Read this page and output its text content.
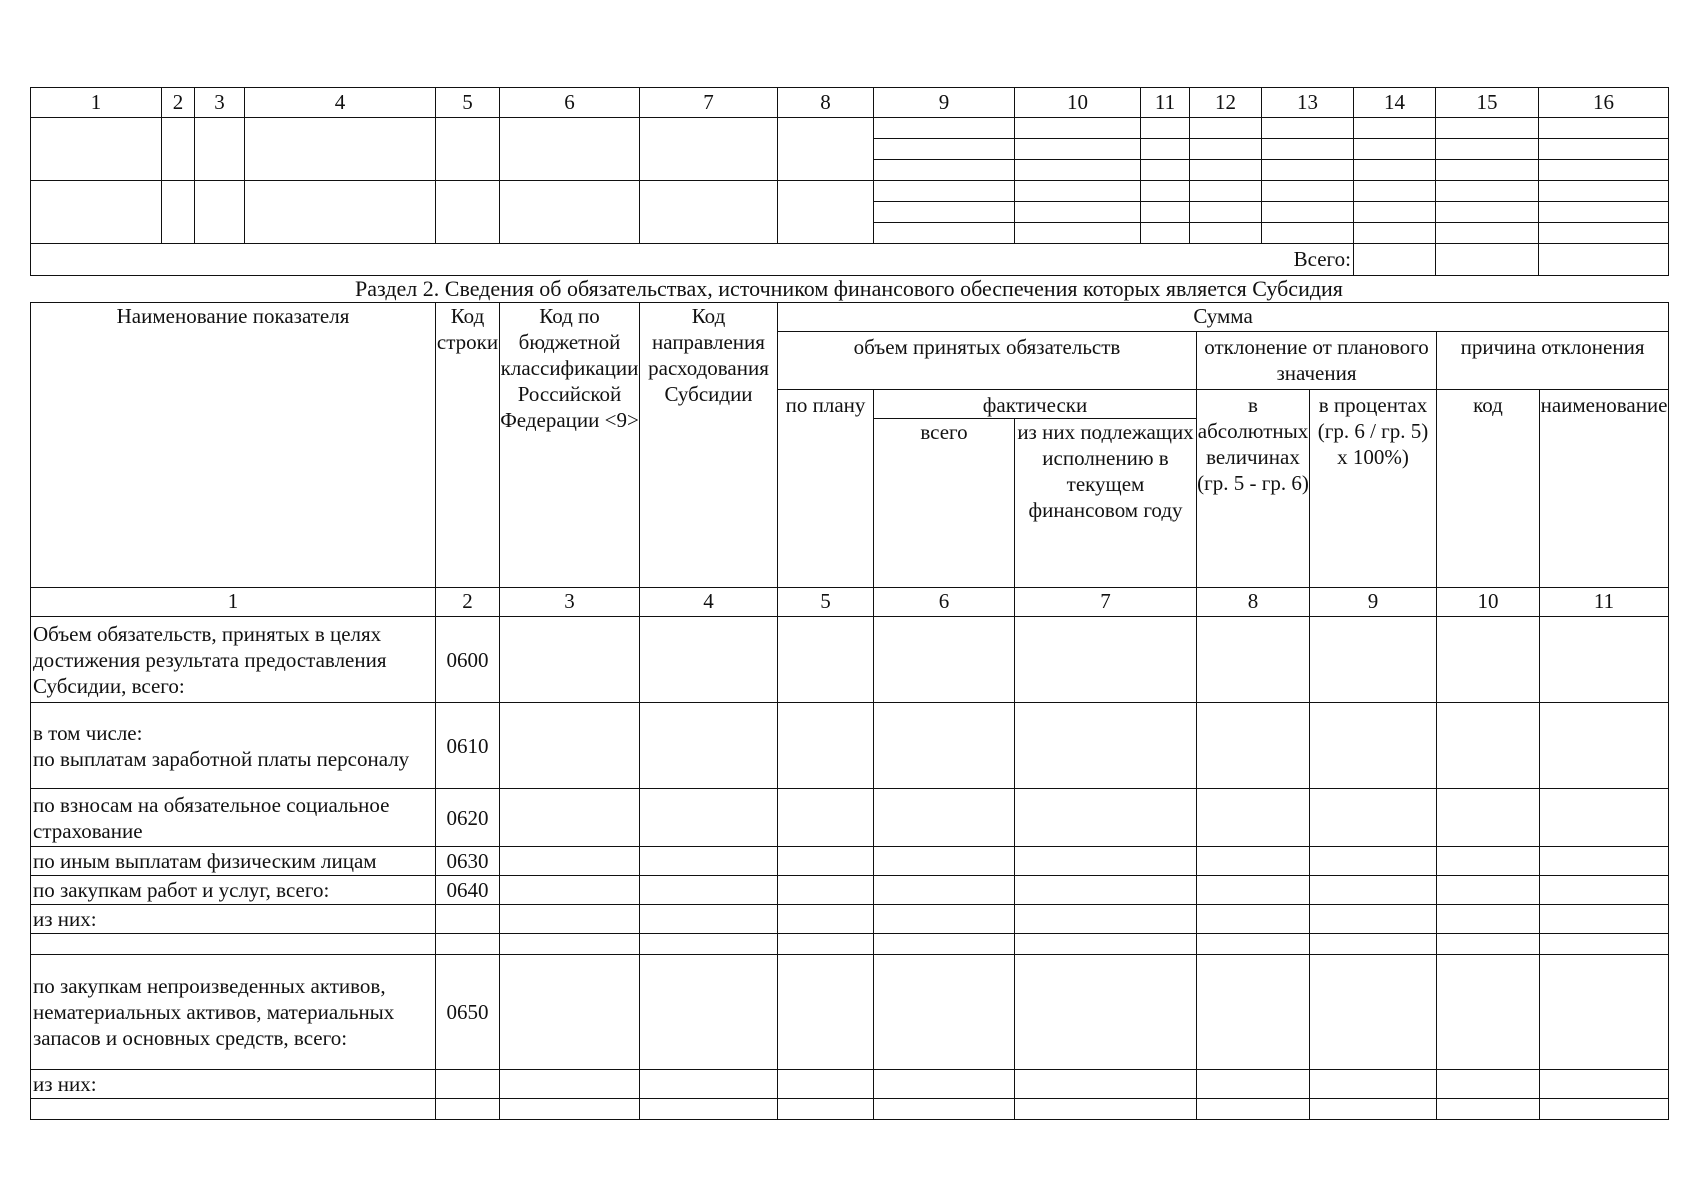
1	2	3	4	5	6	7	8	9	10	11	12	13	14	15	16

Всего:															
Раздел 2. Сведения об обязательствах, источником финансового обеспечения которых является Субсидия
Наименование показателя	Код строки	Код по бюджетной классификации Российской Федерации <9>	Код направления расходования Субсидии	Сумма						
				объем принятых обязательств			отклонение от планового значения		причина отклонения	
				по плану	фактически		в абсолютных величинах (гр. 5 - гр. 6)	в процентах (гр. 6 / гр. 5) x 100%)	код	наименование
					всего	из них подлежащих исполнению в текущем финансовом году				
1	2	3	4	5	6	7	8	9	10	11
Объем обязательств, принятых в целях достижения результата предоставления Субсидии, всего:	0600									
в том числе:
по выплатам заработной платы персоналу	0610									
по взносам на обязательное социальное страхование	0620									
по иным выплатам физическим лицам	0630									
по закупкам работ и услуг, всего:	0640									
из них:										

по закупкам непроизведенных активов, нематериальных активов, материальных запасов и основных средств, всего:	0650									
из них:										
